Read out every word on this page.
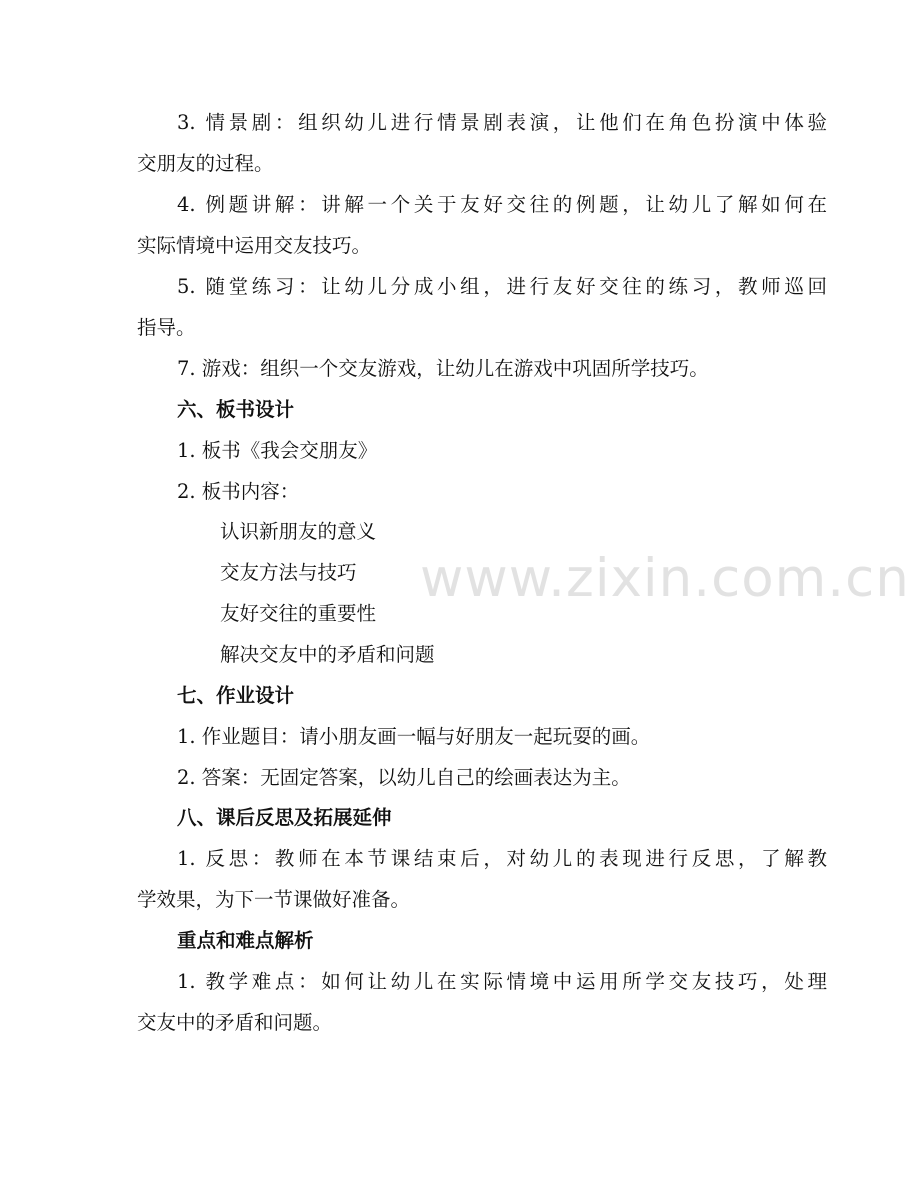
3. 情景剧：组织幼儿进行情景剧表演，让他们在角色扮演中体验
交朋友的过程。
4. 例题讲解：讲解一个关于友好交往的例题，让幼儿了解如何在
实际情境中运用交友技巧。
5. 随堂练习：让幼儿分成小组，进行友好交往的练习，教师巡回
指导。
7. 游戏：组织一个交友游戏，让幼儿在游戏中巩固所学技巧。
六、板书设计
1. 板书《我会交朋友》
2. 板书内容：
认识新朋友的意义
交友方法与技巧
友好交往的重要性
解决交友中的矛盾和问题
七、作业设计
1. 作业题目：请小朋友画一幅与好朋友一起玩耍的画。
2. 答案：无固定答案，以幼儿自己的绘画表达为主。
八、课后反思及拓展延伸
1. 反思：教师在本节课结束后，对幼儿的表现进行反思，了解教
学效果，为下一节课做好准备。
重点和难点解析
1. 教学难点：如何让幼儿在实际情境中运用所学交友技巧，处理
交友中的矛盾和问题。
www.zixin.com.cn
